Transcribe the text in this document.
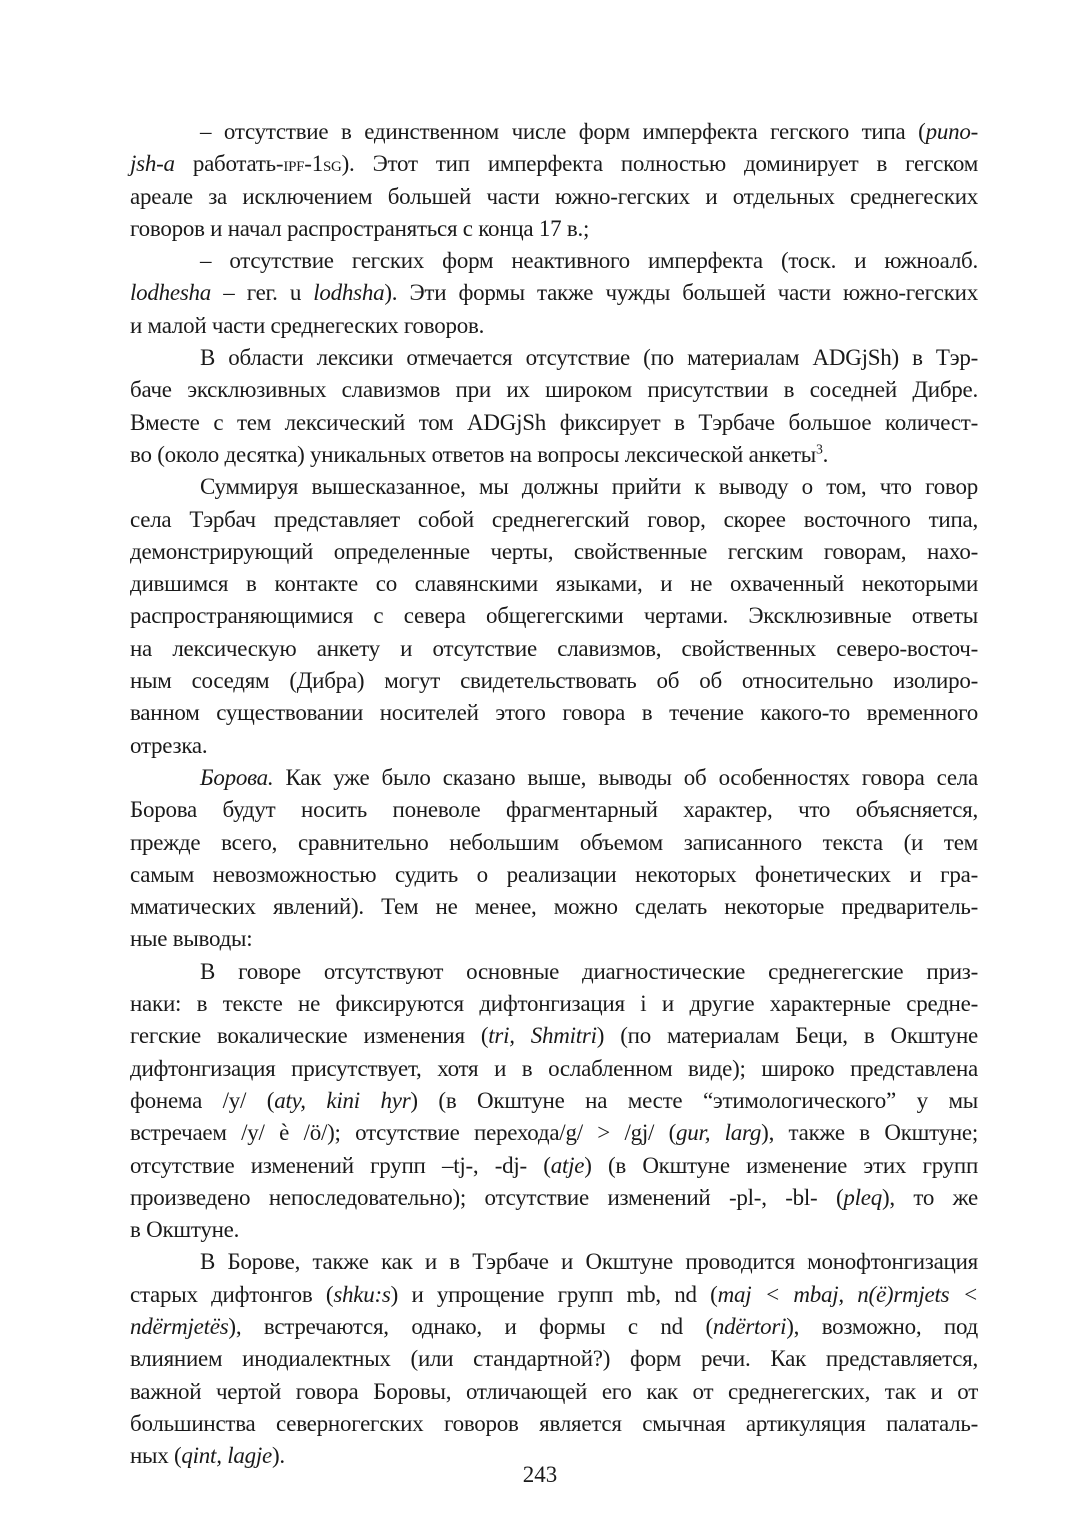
– отсутствие в единственном числе форм имперфекта гегского типа (puno-
jsh-a работать-ipf-1sg). Этот тип имперфекта полностью доминирует в гегском
ареале за исключением большей части южно-гегских и отдельных среднегеских
говоров и начал распространяться с конца 17 в.;
– отсутствие гегских форм неактивного имперфекта (тоск. и южноалб.
lodhesha – гег. u lodhsha). Эти формы также чужды большей части южно-гегских
и малой части среднегеских говоров.
В области лексики отмечается отсутствие (по материалам ADGjSh) в Тэр-
баче эксклюзивных славизмов при их широком присутствии в соседней Дибре.
Вместе с тем лексический том ADGjSh фиксирует в Тэрбаче большое количест-
во (около десятка) уникальных ответов на вопросы лексической анкеты$^3$.
Суммируя вышесказанное, мы должны прийти к выводу о том, что говор
села Тэрбач представляет собой среднегегский говор, скорее восточного типа,
демонстрирующий определенные черты, свойственные гегским говорам, нахо-
дившимся в контакте со славянскими языками, и не охваченный некоторыми
распространяющимися с севера общегегскими чертами. Эксклюзивные ответы
на лексическую анкету и отсутствие славизмов, свойственных северо-восточ-
ным соседям (Дибра) могут свидетельствовать об об относительно изолиро-
ванном существовании носителей этого говора в течение какого-то временного
отрезка.
Борова. Как уже было сказано выше, выводы об особенностях говора села
Борова будут носить поневоле фрагментарный характер, что объясняется,
прежде всего, сравнительно небольшим объемом записанного текста (и тем
самым невозможностью судить о реализации некоторых фонетических и гра-
мматических явлений). Тем не менее, можно сделать некоторые предваритель-
ные выводы:
В говоре отсутствуют основные диагностические среднегегские приз-
наки: в тексте не фиксируются дифтонгизация i и другие характерные средне-
гегские вокалические изменения (tri, Shmitri) (по материалам Беци, в Окштуне
дифтонгизация присутствует, хотя и в ослабленном виде); широко представлена
фонема /y/ (aty, kini hyr) (в Окштуне на месте “этимологического” у мы
встречаем /y/ è /ö/); отсутствие перехода/g/ > /gj/ (gur, larg), также в Окштуне;
отсутствие изменений групп –tj-, -dj- (atje) (в Окштуне изменение этих групп
произведено непоследовательно); отсутствие изменений -pl-, -bl- (pleq), то же
в Окштуне.
В Борове, также как и в Тэрбаче и Окштуне проводится монофтонгизация
старых дифтонгов (shku:s) и упрощение групп mb, nd (maj < mbaj, n(ë)rmjets <
ndërmjetës), встречаются, однако, и формы с nd (ndërtori), возможно, под
влиянием инодиалектных (или стандартной?) форм речи. Как представляется,
важной чертой говора Боровы, отличающей его как от среднегегских, так и от
большинства северногегских говоров является смычная артикуляция палаталь-
ных (qint, lagje).
243
